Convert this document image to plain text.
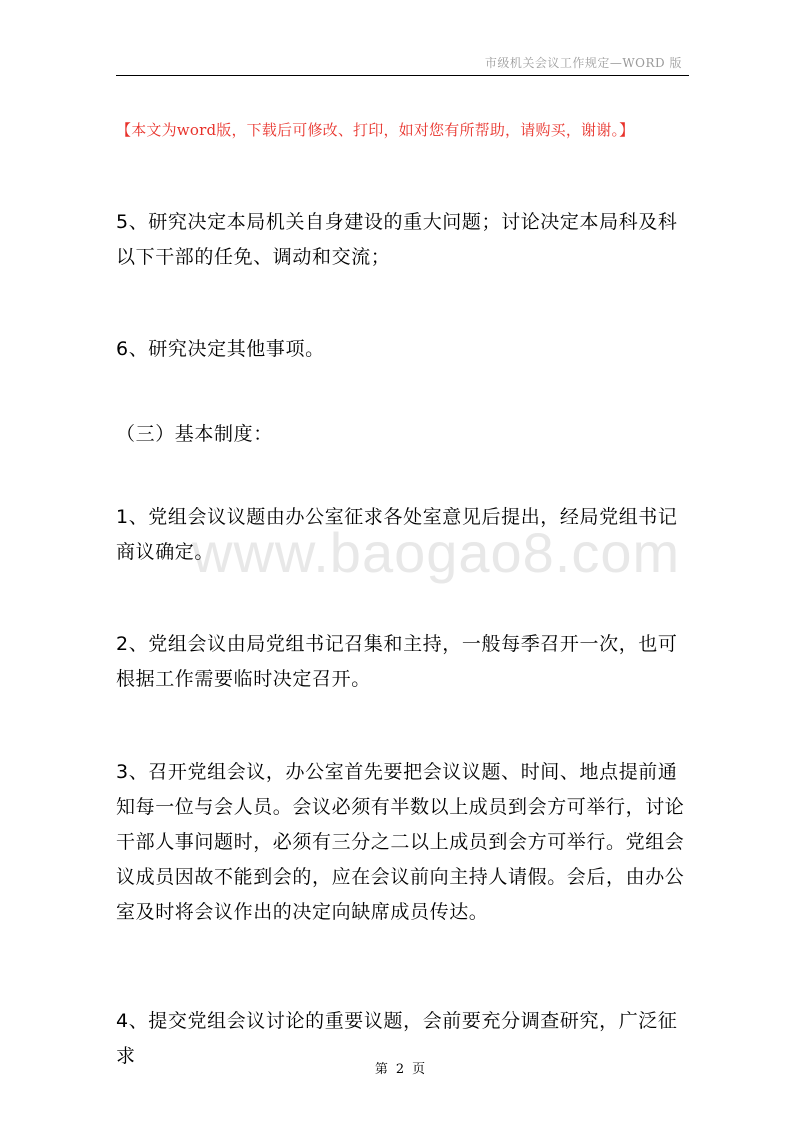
市级机关会议工作规定—WORD 版
【本文为word版，下载后可修改、打印，如对您有所帮助，请购买，谢谢。】
www.baogao8.com
5、研究决定本局机关自身建设的重大问题；讨论决定本局科及科以下干部的任免、调动和交流；
6、研究决定其他事项。
（三）基本制度：
1、党组会议议题由办公室征求各处室意见后提出，经局党组书记商议确定。
2、党组会议由局党组书记召集和主持，一般每季召开一次，也可根据工作需要临时决定召开。
3、召开党组会议，办公室首先要把会议议题、时间、地点提前通知每一位与会人员。会议必须有半数以上成员到会方可举行，讨论干部人事问题时，必须有三分之二以上成员到会方可举行。党组会议成员因故不能到会的，应在会议前向主持人请假。会后，由办公室及时将会议作出的决定向缺席成员传达。
4、提交党组会议讨论的重要议题，会前要充分调查研究，广泛征求
第 2 页
